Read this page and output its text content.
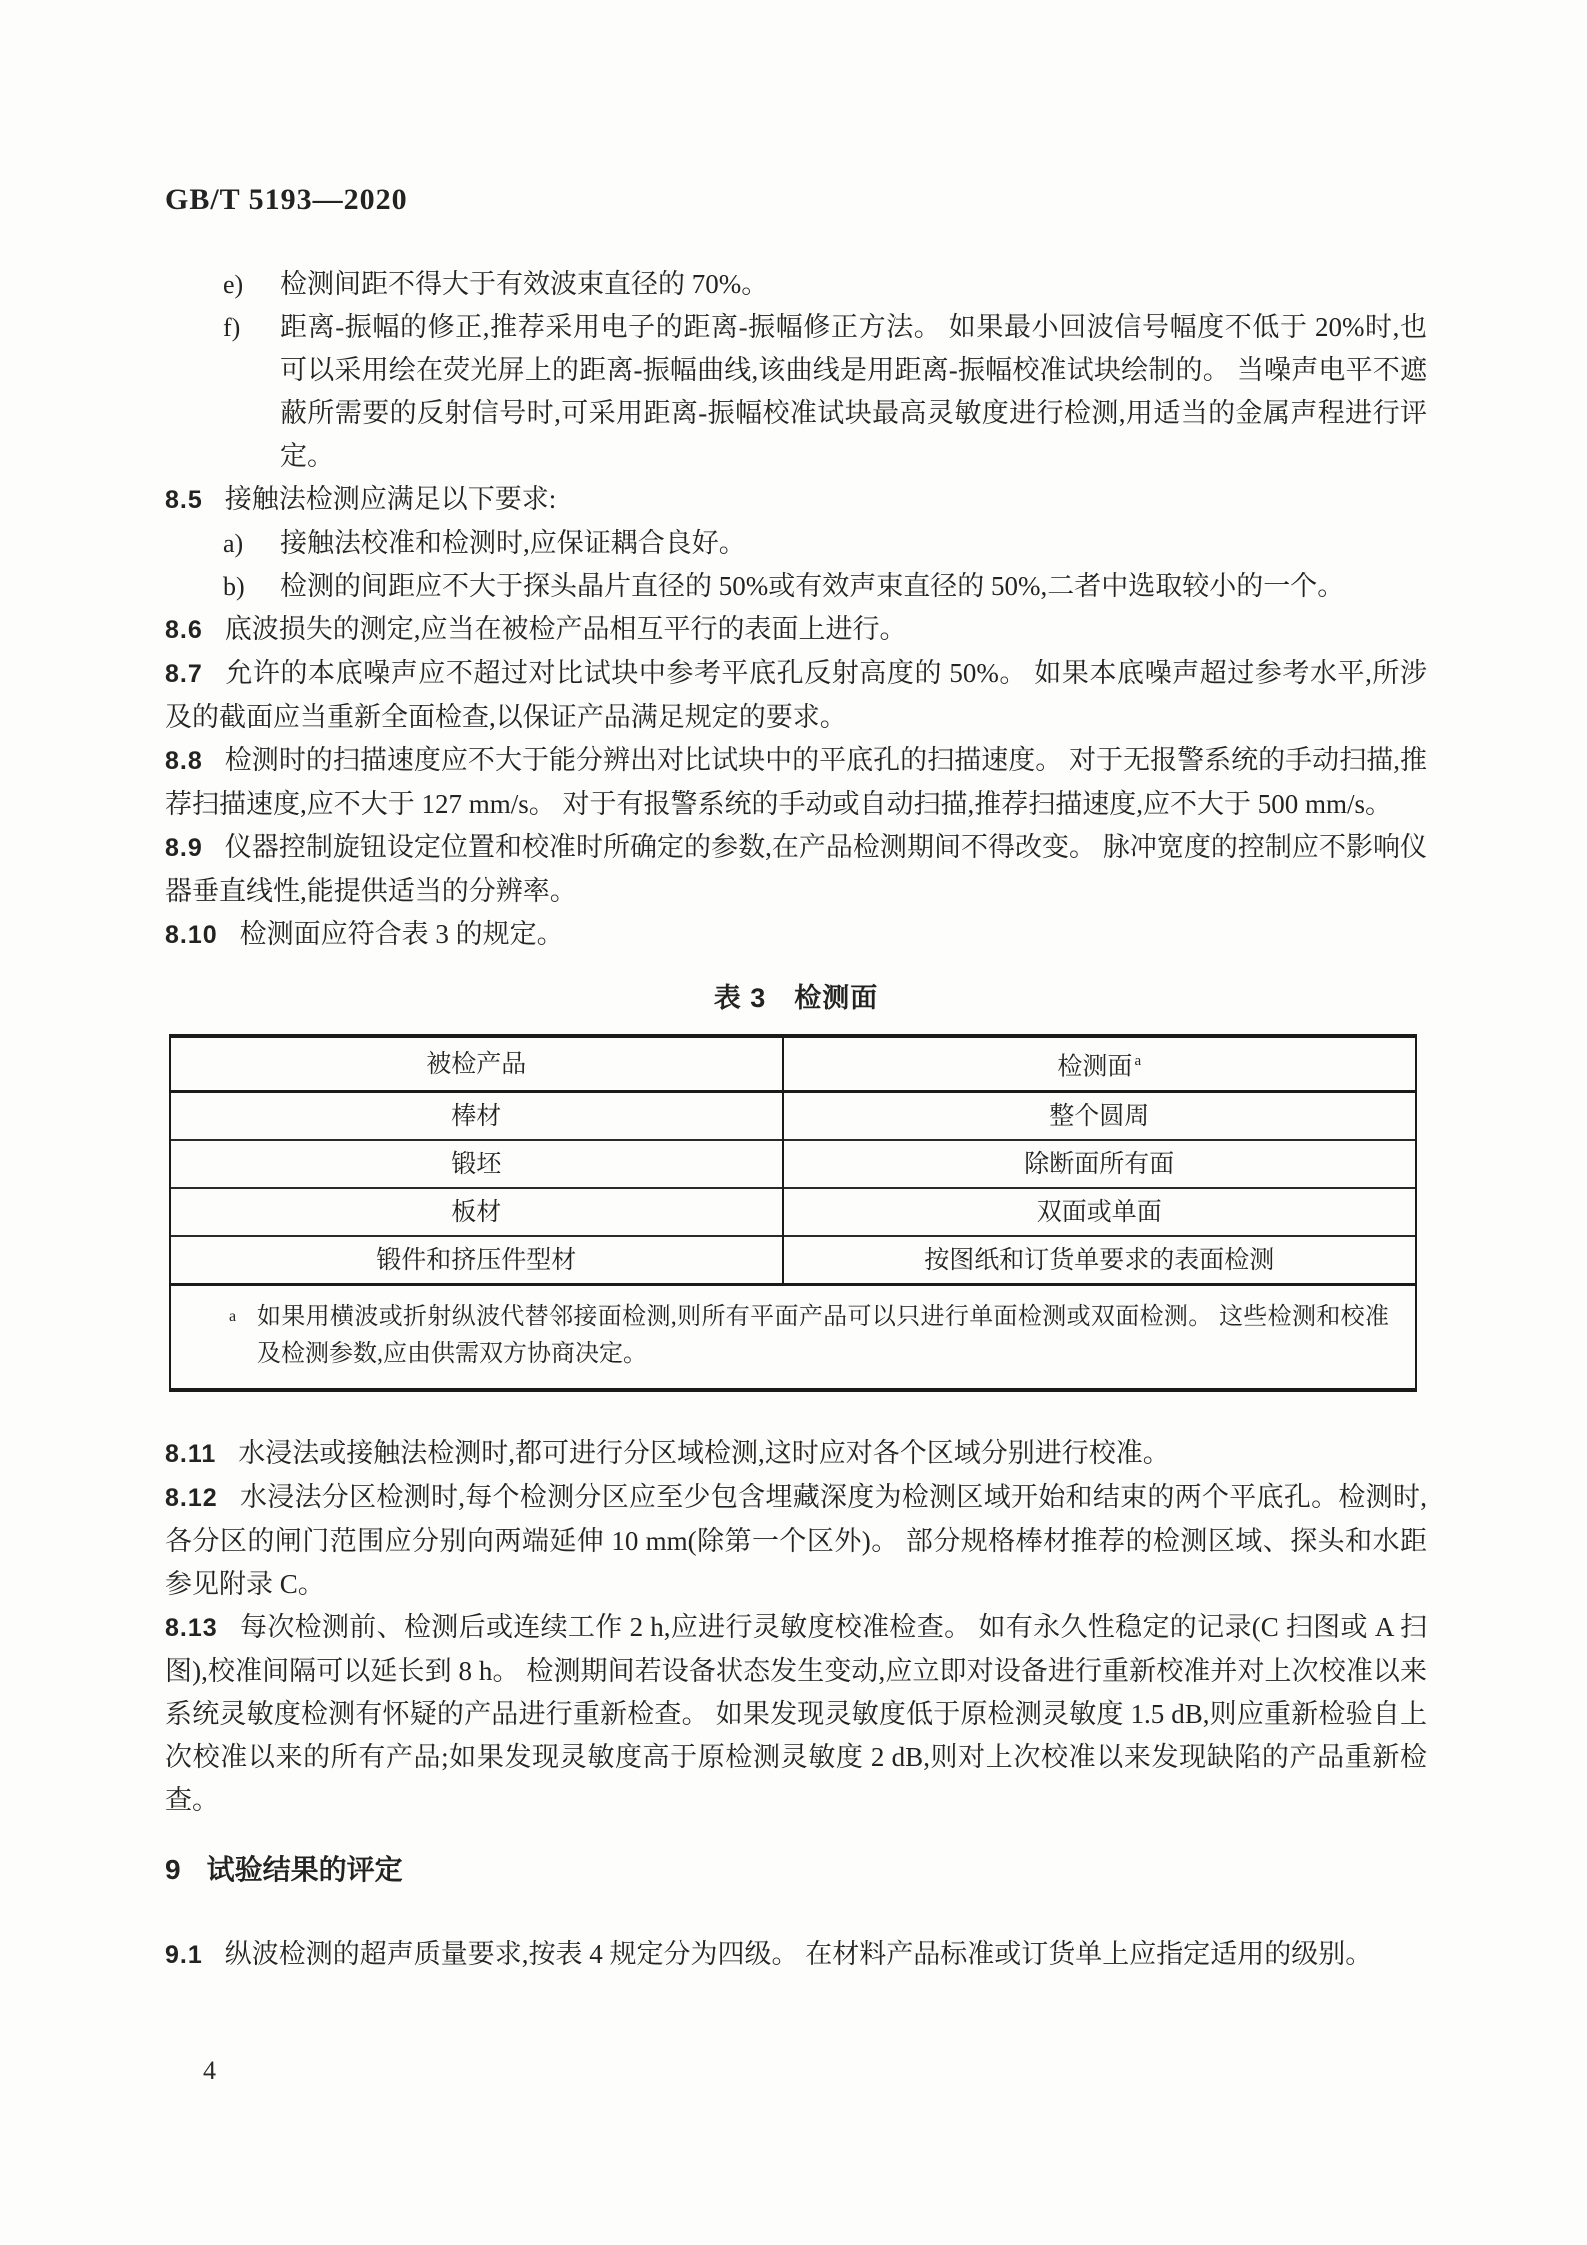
GB/T 5193—2020
e) 检测间距不得大于有效波束直径的 70%。
f) 距离-振幅的修正,推荐采用电子的距离-振幅修正方法。 如果最小回波信号幅度不低于 20%时,也可以采用绘在荧光屏上的距离-振幅曲线,该曲线是用距离-振幅校准试块绘制的。 当噪声电平不遮蔽所需要的反射信号时,可采用距离-振幅校准试块最高灵敏度进行检测,用适当的金属声程进行评定。

8.5 接触法检测应满足以下要求:

a) 接触法校准和检测时,应保证耦合良好。
b) 检测的间距应不大于探头晶片直径的 50%或有效声束直径的 50%,二者中选取较小的一个。

8.6 底波损失的测定,应当在被检产品相互平行的表面上进行。

8.7 允许的本底噪声应不超过对比试块中参考平底孔反射高度的 50%。 如果本底噪声超过参考水平,所涉及的截面应当重新全面检查,以保证产品满足规定的要求。

8.8 检测时的扫描速度应不大于能分辨出对比试块中的平底孔的扫描速度。 对于无报警系统的手动扫描,推荐扫描速度,应不大于 127 mm/s。 对于有报警系统的手动或自动扫描,推荐扫描速度,应不大于 500 mm/s。

8.9 仪器控制旋钮设定位置和校准时所确定的参数,在产品检测期间不得改变。 脉冲宽度的控制应不影响仪器垂直线性,能提供适当的分辨率。

8.10 检测面应符合表 3 的规定。

表 3　检测面
被检产品	检测面 $^a$
棒材	整个圆周
锻坯	除断面所有面
板材	双面或单面
锻件和挤压件型材	按图纸和订货单要求的表面检测

a 如果用横波或折射纵波代替邻接面检测,则所有平面产品可以只进行单面检测或双面检测。 这些检测和校准及检测参数,应由供需双方协商决定。	

8.11 水浸法或接触法检测时,都可进行分区域检测,这时应对各个区域分别进行校准。

8.12 水浸法分区检测时,每个检测分区应至少包含埋藏深度为检测区域开始和结束的两个平底孔。检测时,各分区的闸门范围应分别向两端延伸 10 mm(除第一个区外)。 部分规格棒材推荐的检测区域、探头和水距参见附录 C。

8.13 每次检测前、检测后或连续工作 2 h,应进行灵敏度校准检查。 如有永久性稳定的记录(C 扫图或 A 扫图),校准间隔可以延长到 8 h。 检测期间若设备状态发生变动,应立即对设备进行重新校准并对上次校准以来系统灵敏度检测有怀疑的产品进行重新检查。 如果发现灵敏度低于原检测灵敏度 1.5 dB,则应重新检验自上次校准以来的所有产品;如果发现灵敏度高于原检测灵敏度 2 dB,则对上次校准以来发现缺陷的产品重新检查。

9 试验结果的评定

9.1 纵波检测的超声质量要求,按表 4 规定分为四级。 在材料产品标准或订货单上应指定适用的级别。

4
